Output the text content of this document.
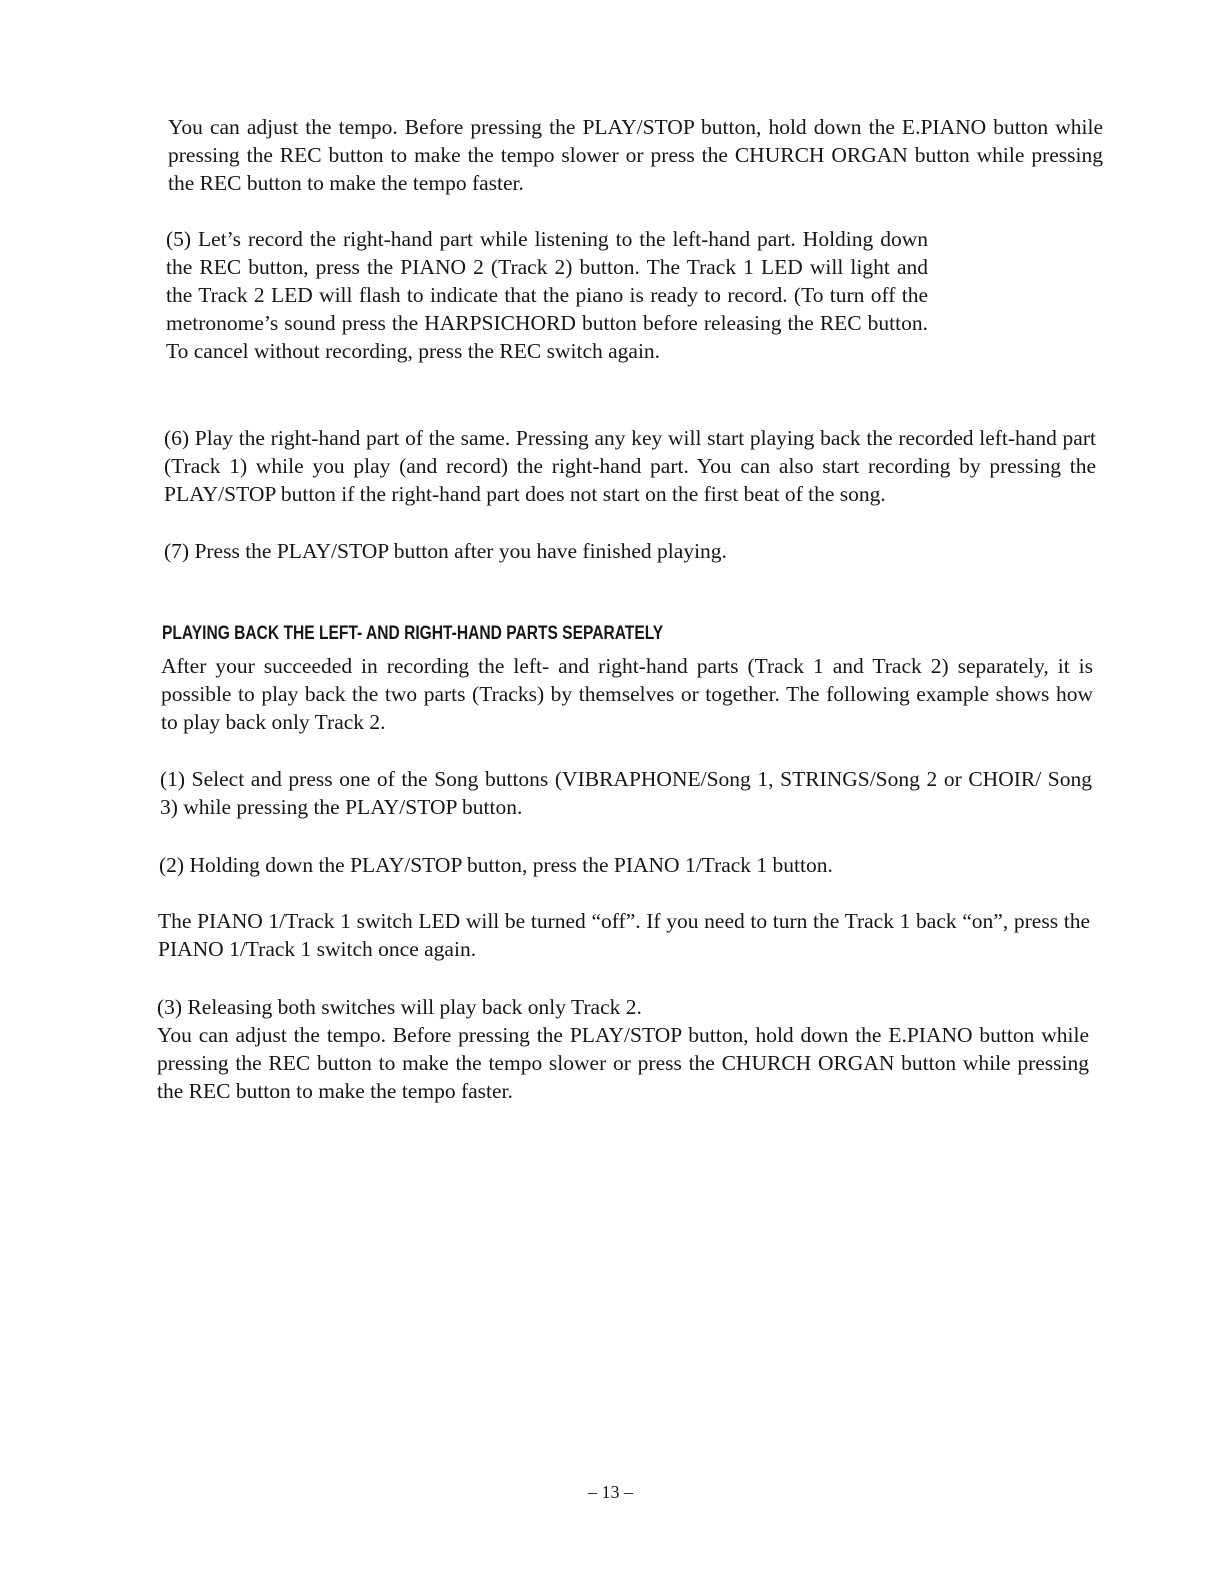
You can adjust the tempo. Before pressing the PLAY/STOP button, hold down the E.PIANO button while pressing the REC button to make the tempo slower or press the CHURCH ORGAN button while pressing the REC button to make the tempo faster.

(5) Let’s record the right-hand part while listening to the left-hand part. Holding down the REC button, press the PIANO 2 (Track 2) button. The Track 1 LED will light and the Track 2 LED will flash to indicate that the piano is ready to record. (To turn off the metronome’s sound press the HARPSICHORD button before releasing the REC button. To cancel without recording, press the REC switch again.

(6) Play the right-hand part of the same. Pressing any key will start playing back the recorded left-hand part (Track 1) while you play (and record) the right-hand part. You can also start recording by pressing the PLAY/STOP button if the right-hand part does not start on the first beat of the song.

(7) Press the PLAY/STOP button after you have finished playing.

PLAYING BACK THE LEFT- AND RIGHT-HAND PARTS SEPARATELY

After your succeeded in recording the left- and right-hand parts (Track 1 and Track 2) separately, it is possible to play back the two parts (Tracks) by themselves or together. The following example shows how to play back only Track 2.

(1) Select and press one of the Song buttons (VIBRAPHONE/Song 1, STRINGS/Song 2 or CHOIR/ Song 3) while pressing the PLAY/STOP button.

(2) Holding down the PLAY/STOP button, press the PIANO 1/Track 1 button.

The PIANO 1/Track 1 switch LED will be turned “off”. If you need to turn the Track 1 back “on”, press the PIANO 1/Track 1 switch once again.

(3) Releasing both switches will play back only Track 2.

You can adjust the tempo. Before pressing the PLAY/STOP button, hold down the E.PIANO button while pressing the REC button to make the tempo slower or press the CHURCH ORGAN button while pressing the REC button to make the tempo faster.

– 13 –
